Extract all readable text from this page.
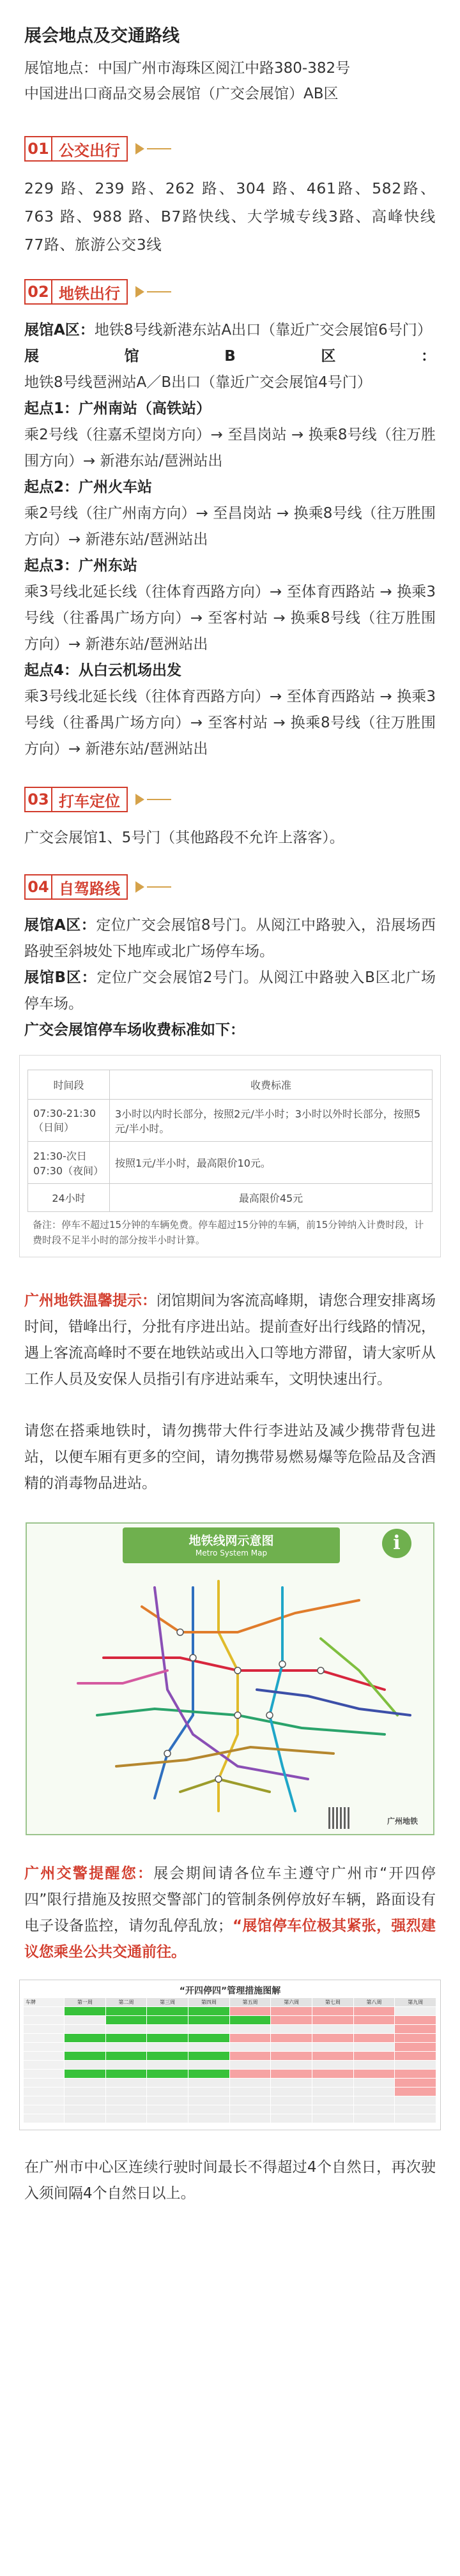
展会地点及交通路线
展馆地点：中国广州市海珠区阅江中路380-382号
中国进出口商品交易会展馆（广交会展馆）AB区
01 公交出行
229 路、239 路、262 路、304 路、461路、582路、763 路、988 路、B7路快线、大学城专线3路、高峰快线77路、旅游公交3线
02 地铁出行
展馆A区：地铁8号线新港东站A出口（靠近广交会展馆6号门）
展馆B区：地铁8号线琶洲站A／B出口（靠近广交会展馆4号门）
起点1：广州南站（高铁站）
乘2号线（往嘉禾望岗方向）→ 至昌岗站 → 换乘8号线（往万胜围方向）→ 新港东站/琶洲站出
起点2：广州火车站
乘2号线（往广州南方向）→ 至昌岗站 → 换乘8号线（往万胜围方向）→ 新港东站/琶洲站出
起点3：广州东站
乘3号线北延长线（往体育西路方向）→ 至体育西路站 → 换乘3号线（往番禺广场方向）→ 至客村站 → 换乘8号线（往万胜围方向）→ 新港东站/琶洲站出
起点4：从白云机场出发
乘3号线北延长线（往体育西路方向）→ 至体育西路站 → 换乘3号线（往番禺广场方向）→ 至客村站 → 换乘8号线（往万胜围方向）→ 新港东站/琶洲站出
03 打车定位
广交会展馆1、5号门（其他路段不允许上落客）。
04 自驾路线
展馆A区：定位广交会展馆8号门。从阅江中路驶入，沿展场西路驶至斜坡处下地库或北广场停车场。
展馆B区：定位广交会展馆2号门。从阅江中路驶入B区北广场停车场。
广交会展馆停车场收费标准如下：
时间段	收费标准
07:30-21:30（日间）	3小时以内时长部分，按照2元/半小时；3小时以外时长部分，按照5元/半小时。
21:30-次日07:30（夜间）	按照1元/半小时，最高限价10元。
24小时	最高限价45元
备注：停车不超过15分钟的车辆免费。停车超过15分钟的车辆，前15分钟纳入计费时段，计费时段不足半小时的部分按半小时计算。
广州地铁温馨提示：闭馆期间为客流高峰期，请您合理安排离场时间，错峰出行，分批有序进出站。提前查好出行线路的情况，遇上客流高峰时不要在地铁站或出入口等地方滞留，请大家听从工作人员及安保人员指引有序进站乘车，文明快速出行。
请您在搭乘地铁时，请勿携带大件行李进站及减少携带背包进站，以便车厢有更多的空间，请勿携带易燃易爆等危险品及含酒精的消毒物品进站。
地铁线网示意图
Metro System Map	i
广州地铁
广州交警提醒您：展会期间请各位车主遵守广州市“开四停四”限行措施及按照交警部门的管制条例停放好车辆，路面设有电子设备监控，请勿乱停乱放；“展馆停车位极其紧张，强烈建议您乘坐公共交通前往。
“开四停四”管理措施图解
车牌	第一周	第二周	第三周	第四周	第五周	第六周	第七周	第八周	第九周
在广州市中心区连续行驶时间最长不得超过4个自然日，再次驶入须间隔4个自然日以上。
